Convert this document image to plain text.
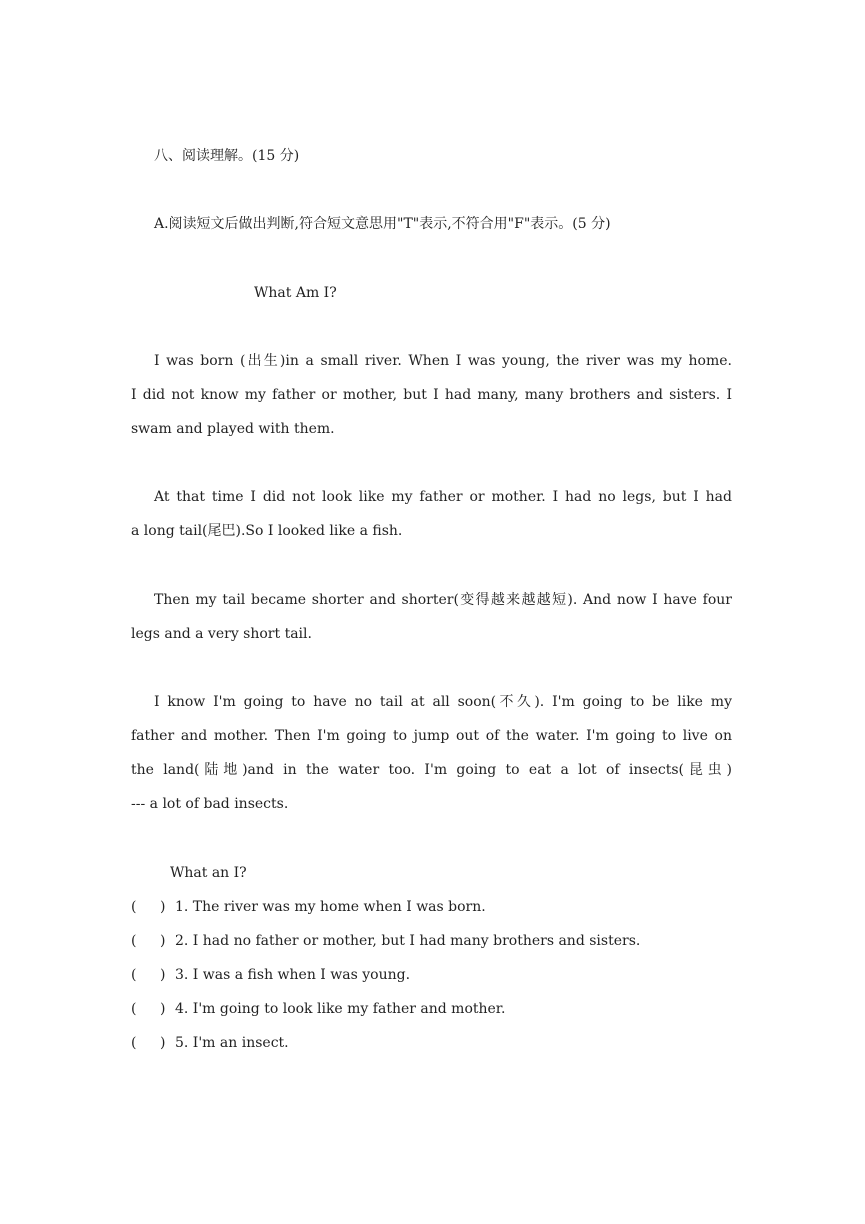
八、阅读理解。(15 分)
A.阅读短文后做出判断,符合短文意思用"T"表示,不符合用"F"表示。(5 分)
What Am I?
I was born (出生)in a small river. When I was young, the river was my home.
I did not know my father or mother, but I had many, many brothers and sisters. I
swam and played with them.
At that time I did not look like my father or mother. I had no legs, but I had
a long tail(尾巴).So I looked like a fish.
Then my tail became shorter and shorter(变得越来越越短). And now I have four
legs and a very short tail.
I know I'm going to have no tail at all soon(不久). I'm going to be like my
father and mother. Then I'm going to jump out of the water. I'm going to live on
the land(陆地)and in the water too. I'm going to eat a lot of insects(昆虫)
--- a lot of bad insects.
What an I?
( ) 1. The river was my home when I was born.
( ) 2. I had no father or mother, but I had many brothers and sisters.
( ) 3. I was a fish when I was young.
( ) 4. I'm going to look like my father and mother.
( ) 5. I'm an insect.
